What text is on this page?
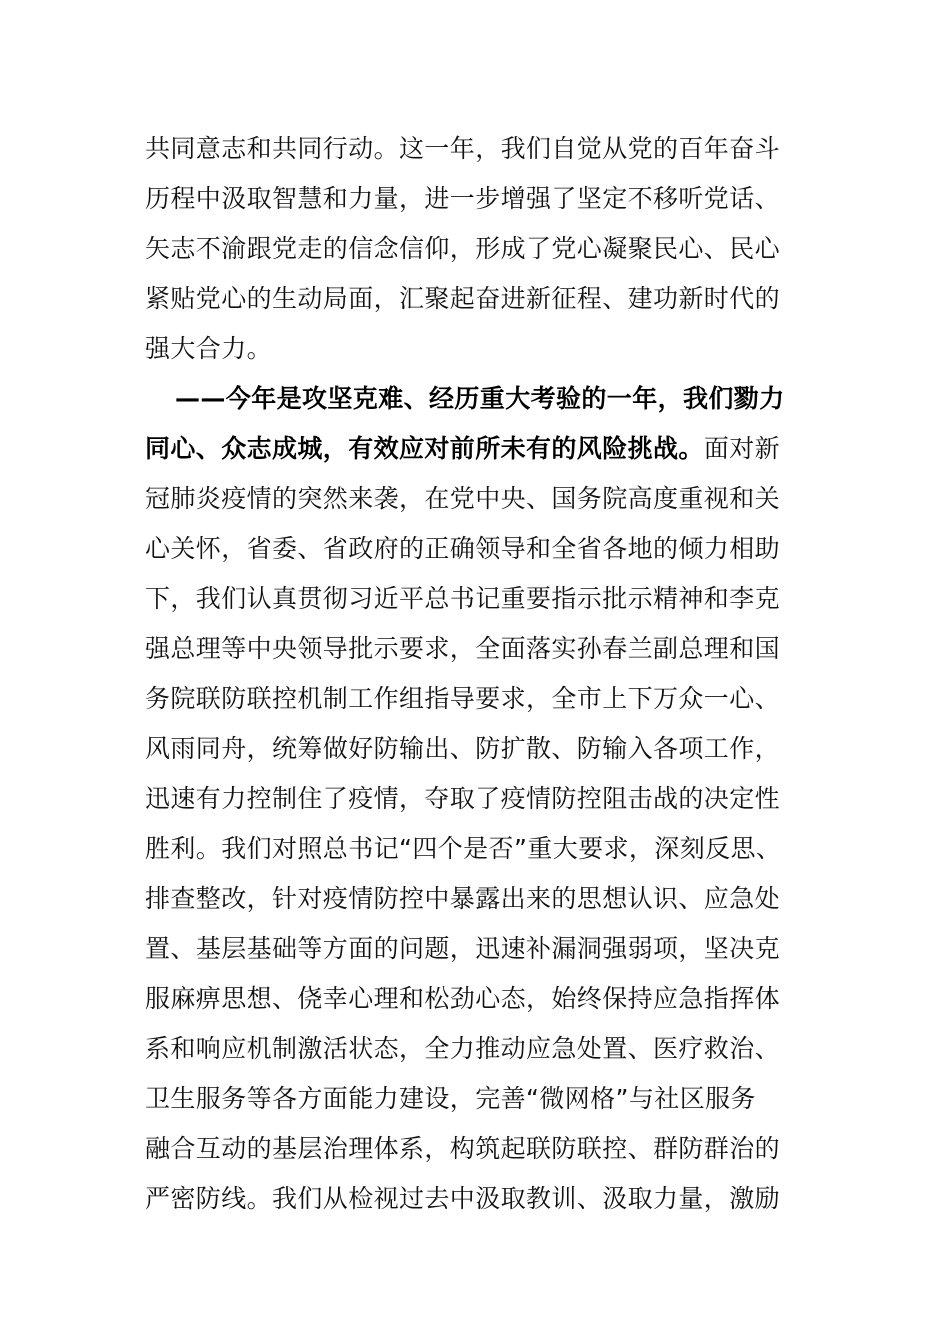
共同意志和共同行动。这一年，我们自觉从党的百年奋斗
历程中汲取智慧和力量，进一步增强了坚定不移听党话、
矢志不渝跟党走的信念信仰，形成了党心凝聚民心、民心
紧贴党心的生动局面，汇聚起奋进新征程、建功新时代的
强大合力。
——今年是攻坚克难、经历重大考验的一年，我们勠力
同心、众志成城，有效应对前所未有的风险挑战。面对新
冠肺炎疫情的突然来袭，在党中央、国务院高度重视和关
心关怀，省委、省政府的正确领导和全省各地的倾力相助
下，我们认真贯彻习近平总书记重要指示批示精神和李克
强总理等中央领导批示要求，全面落实孙春兰副总理和国
务院联防联控机制工作组指导要求，全市上下万众一心、
风雨同舟，统筹做好防输出、防扩散、防输入各项工作，
迅速有力控制住了疫情，夺取了疫情防控阻击战的决定性
胜利。我们对照总书记“四个是否”重大要求，深刻反思、
排查整改，针对疫情防控中暴露出来的思想认识、应急处
置、基层基础等方面的问题，迅速补漏洞强弱项，坚决克
服麻痹思想、侥幸心理和松劲心态，始终保持应急指挥体
系和响应机制激活状态，全力推动应急处置、医疗救治、
卫生服务等各方面能力建设，完善“微网格”与社区服务
融合互动的基层治理体系，构筑起联防联控、群防群治的
严密防线。我们从检视过去中汲取教训、汲取力量，激励
